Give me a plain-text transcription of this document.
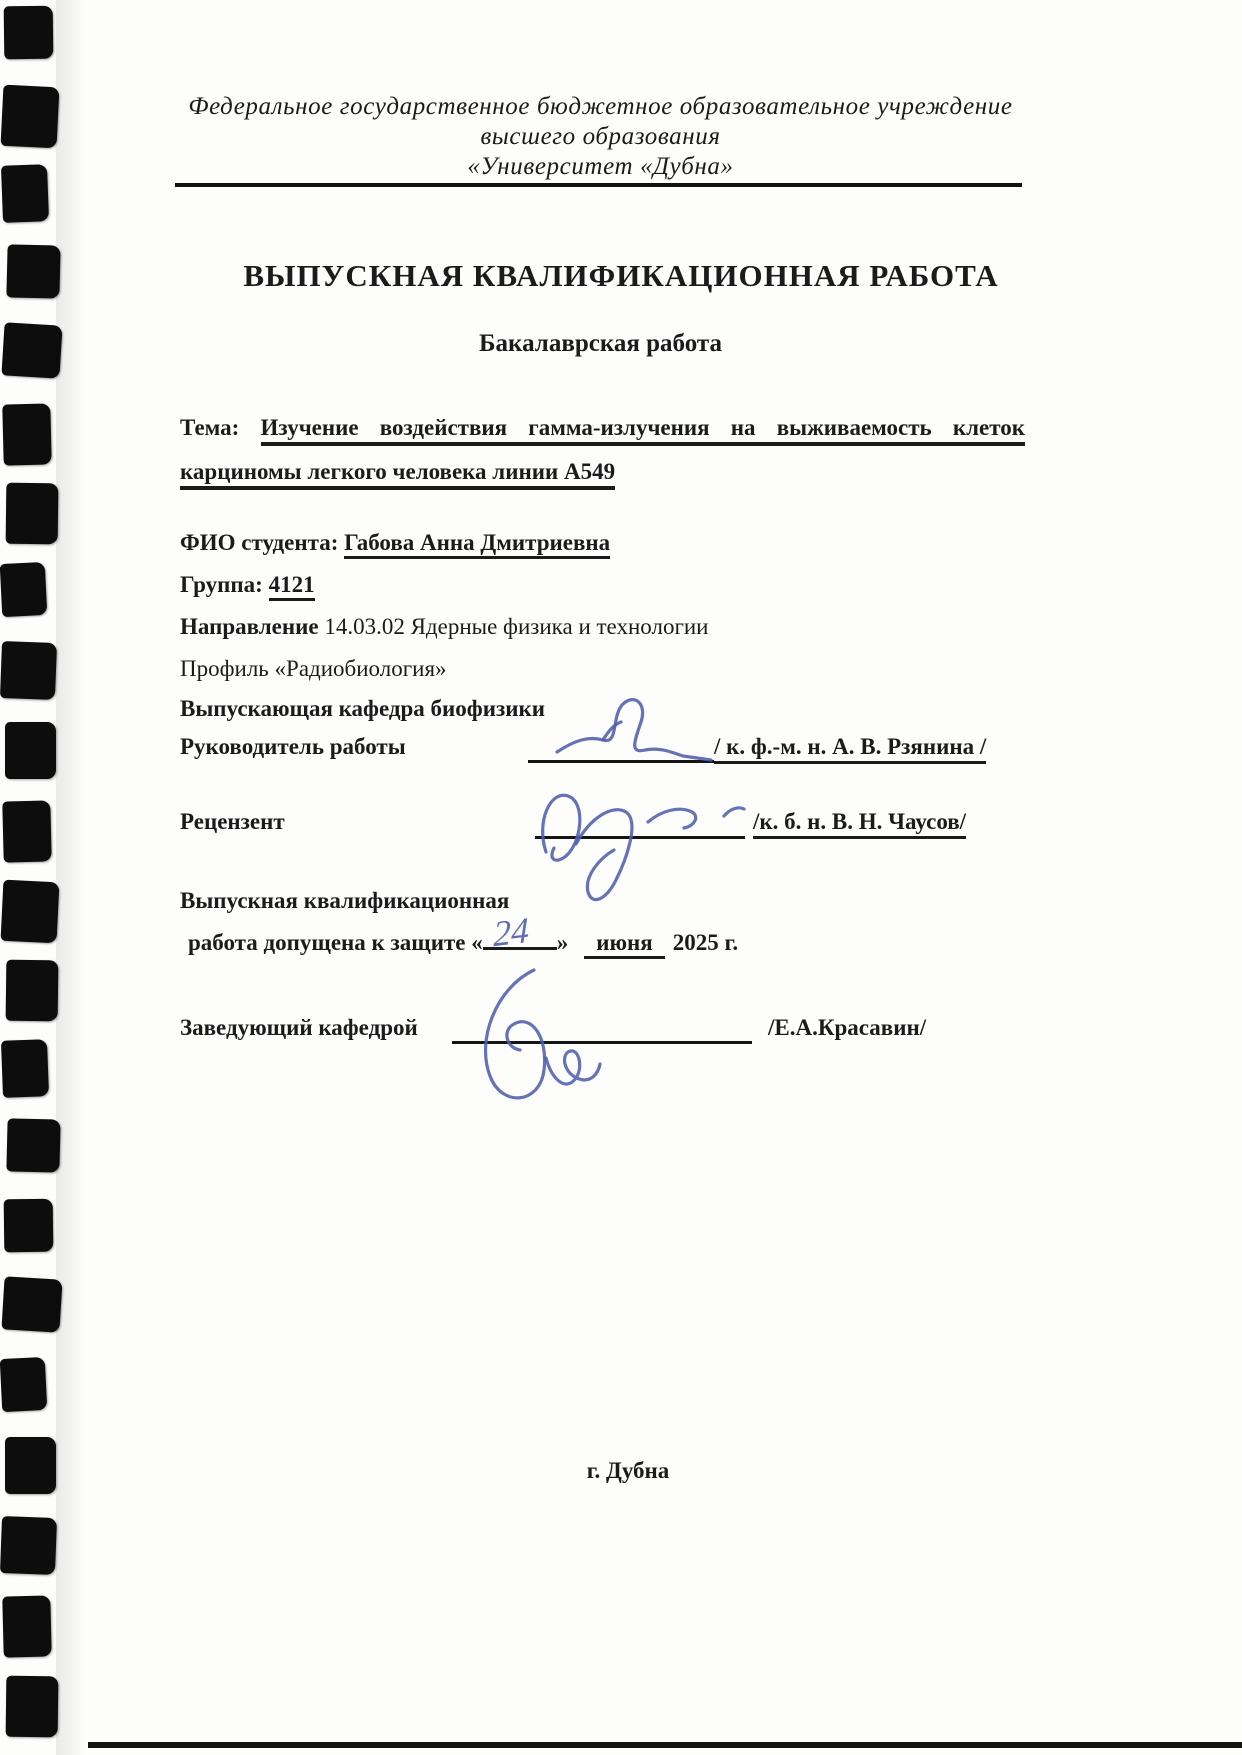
Федеральное государственное бюджетное образовательное учреждение
высшего образования
«Университет «Дубна»
ВЫПУСКНАЯ КВАЛИФИКАЦИОННАЯ РАБОТА
Бакалаврская работа
Тема: Изучение воздействия гамма-излучения на выживаемость клеток
карциномы легкого человека линии А549
ФИО студента: Габова Анна Дмитриевна
Группа: 4121
Направление 14.03.02 Ядерные физика и технологии
Профиль «Радиобиология»
Выпускающая кафедра биофизики
Руководитель работы	/ к. ф.-м. н. А. В. Рзянина /
Рецензент	/к. б. н. В. Н. Чаусов/
Выпускная квалификационная
работа допущена к защите « 24 » июня 2025 г.
Заведующий кафедрой	/Е.А.Красавин/
г. Дубна
